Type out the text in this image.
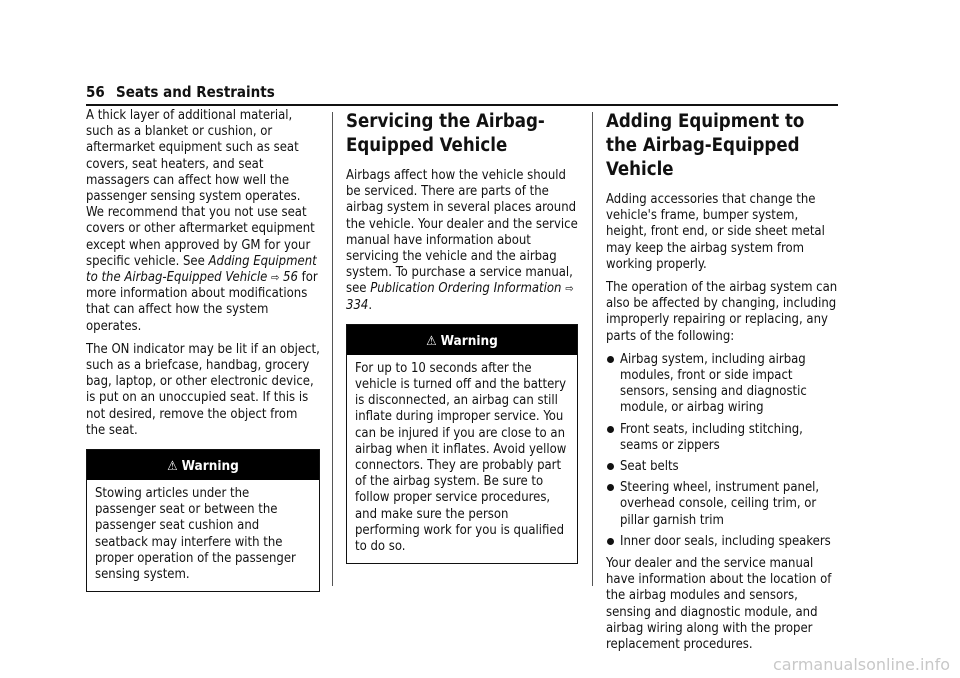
56 Seats and Restraints

A thick layer of additional material, such as a blanket or cushion, or aftermarket equipment such as seat covers, seat heaters, and seat massagers can affect how well the passenger sensing system operates. We recommend that you not use seat covers or other aftermarket equipment except when approved by GM for your specific vehicle. See Adding Equipment to the Airbag-Equipped Vehicle ⇨ 56 for more information about modifications that can affect how the system operates.

The ON indicator may be lit if an object, such as a briefcase, handbag, grocery bag, laptop, or other electronic device, is put on an unoccupied seat. If this is not desired, remove the object from the seat.

⚠ Warning
Stowing articles under the passenger seat or between the passenger seat cushion and seatback may interfere with the proper operation of the passenger sensing system.
Servicing the Airbag-Equipped Vehicle

Airbags affect how the vehicle should be serviced. There are parts of the airbag system in several places around the vehicle. Your dealer and the service manual have information about servicing the vehicle and the airbag system. To purchase a service manual, see Publication Ordering Information ⇨ 334.

⚠ Warning
For up to 10 seconds after the vehicle is turned off and the battery is disconnected, an airbag can still inflate during improper service. You can be injured if you are close to an airbag when it inflates. Avoid yellow connectors. They are probably part of the airbag system. Be sure to follow proper service procedures, and make sure the person performing work for you is qualified to do so.
Adding Equipment to the Airbag-Equipped Vehicle

Adding accessories that change the vehicle's frame, bumper system, height, front end, or side sheet metal may keep the airbag system from working properly.

The operation of the airbag system can also be affected by changing, including improperly repairing or replacing, any parts of the following:

Airbag system, including airbag modules, front or side impact sensors, sensing and diagnostic module, or airbag wiring
Front seats, including stitching, seams or zippers
Seat belts
Steering wheel, instrument panel, overhead console, ceiling trim, or pillar garnish trim
Inner door seals, including speakers

Your dealer and the service manual have information about the location of the airbag modules and sensors, sensing and diagnostic module, and airbag wiring along with the proper replacement procedures.

carmanualsonline.info
